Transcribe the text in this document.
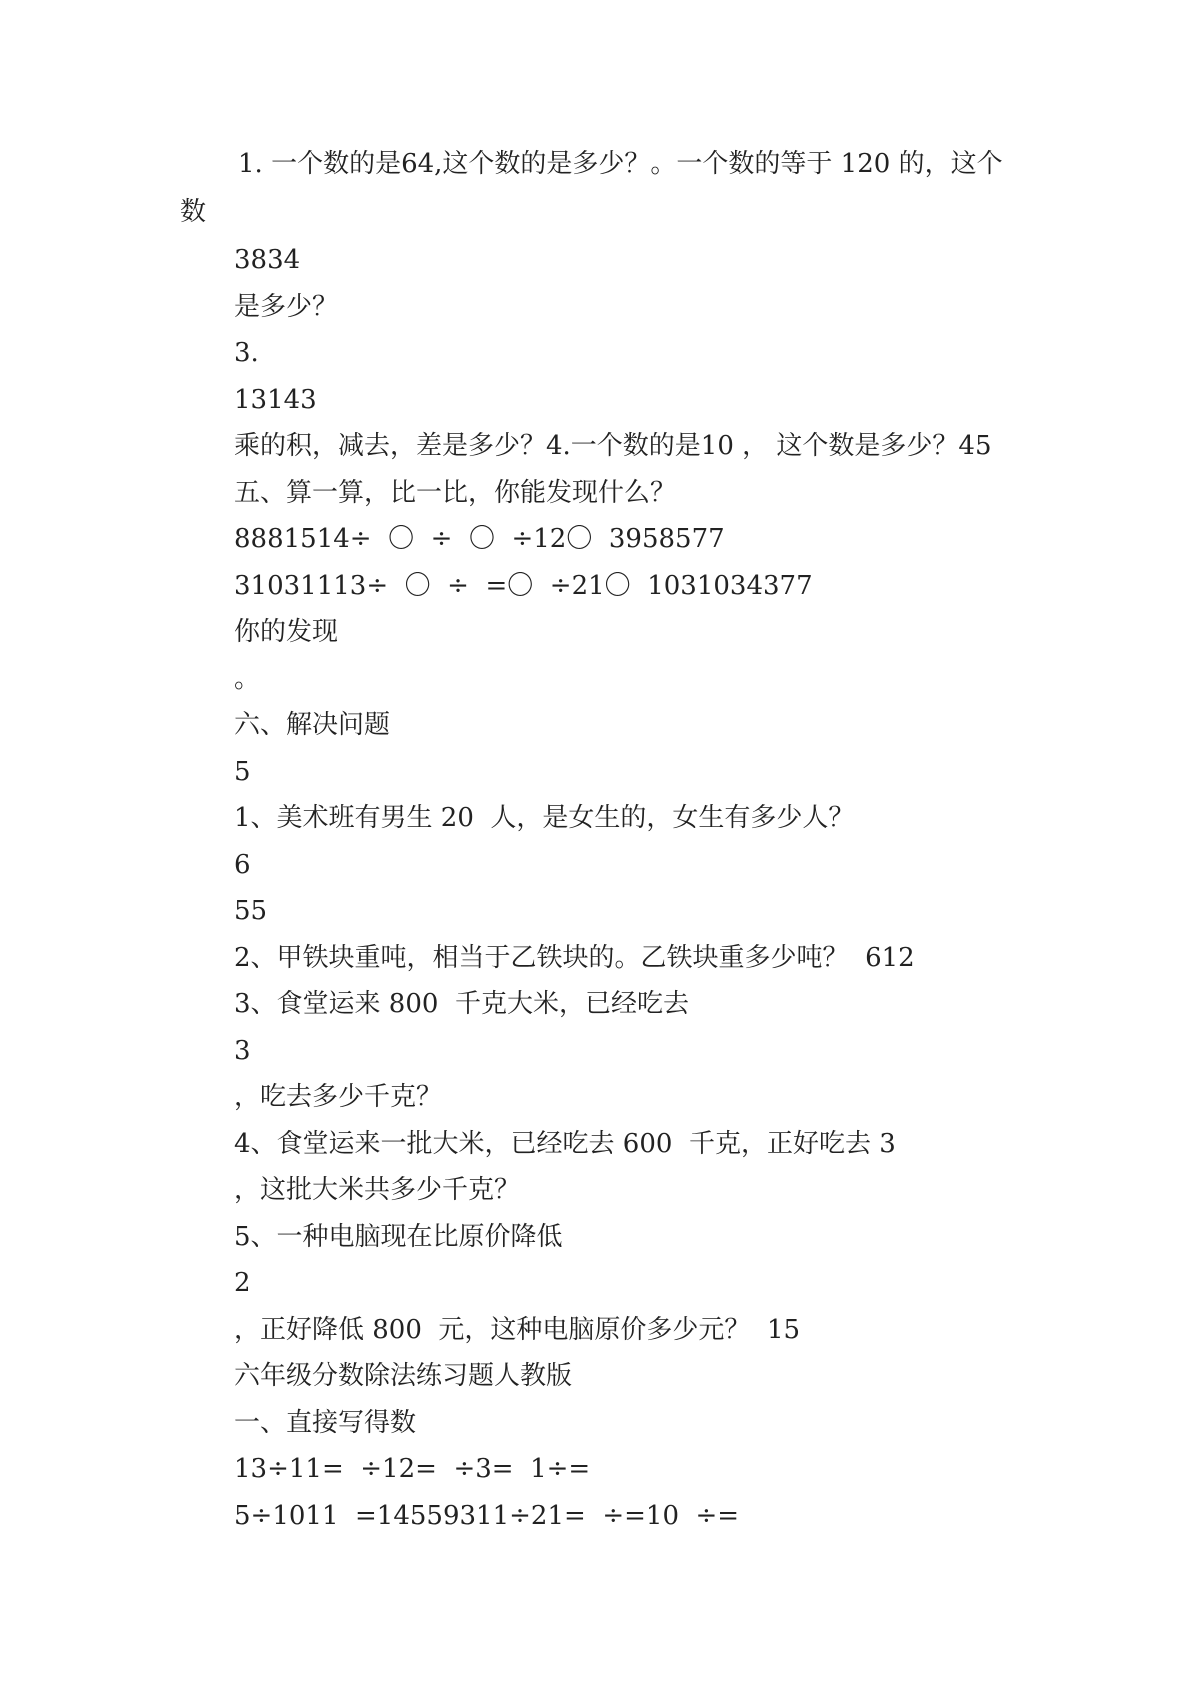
1. 一个数的是64,这个数的是多少？。一个数的等于 120 的，这个数

3834
是多少？
3.
13143
乘的积，减去，差是多少？4.一个数的是10 ， 这个数是多少？45
五、算一算，比一比，你能发现什么？
8881514÷  〇  ÷  〇  ÷12〇  3958577
31031113÷  〇  ÷  =〇  ÷21〇  1031034377
你的发现
。
六、解决问题
5
1、美术班有男生 20  人，是女生的，女生有多少人？
6
55
2、甲铁块重吨，相当于乙铁块的。乙铁块重多少吨？  612
3、食堂运来 800  千克大米，已经吃去
3
，吃去多少千克？
4、食堂运来一批大米，已经吃去 600  千克，正好吃去 3
，这批大米共多少千克？
5、一种电脑现在比原价降低
2
，正好降低 800  元，这种电脑原价多少元？  15
六年级分数除法练习题人教版
一、直接写得数
13÷11=  ÷12=  ÷3=  1÷=
5÷1011  =14559311÷21=  ÷=10  ÷=
